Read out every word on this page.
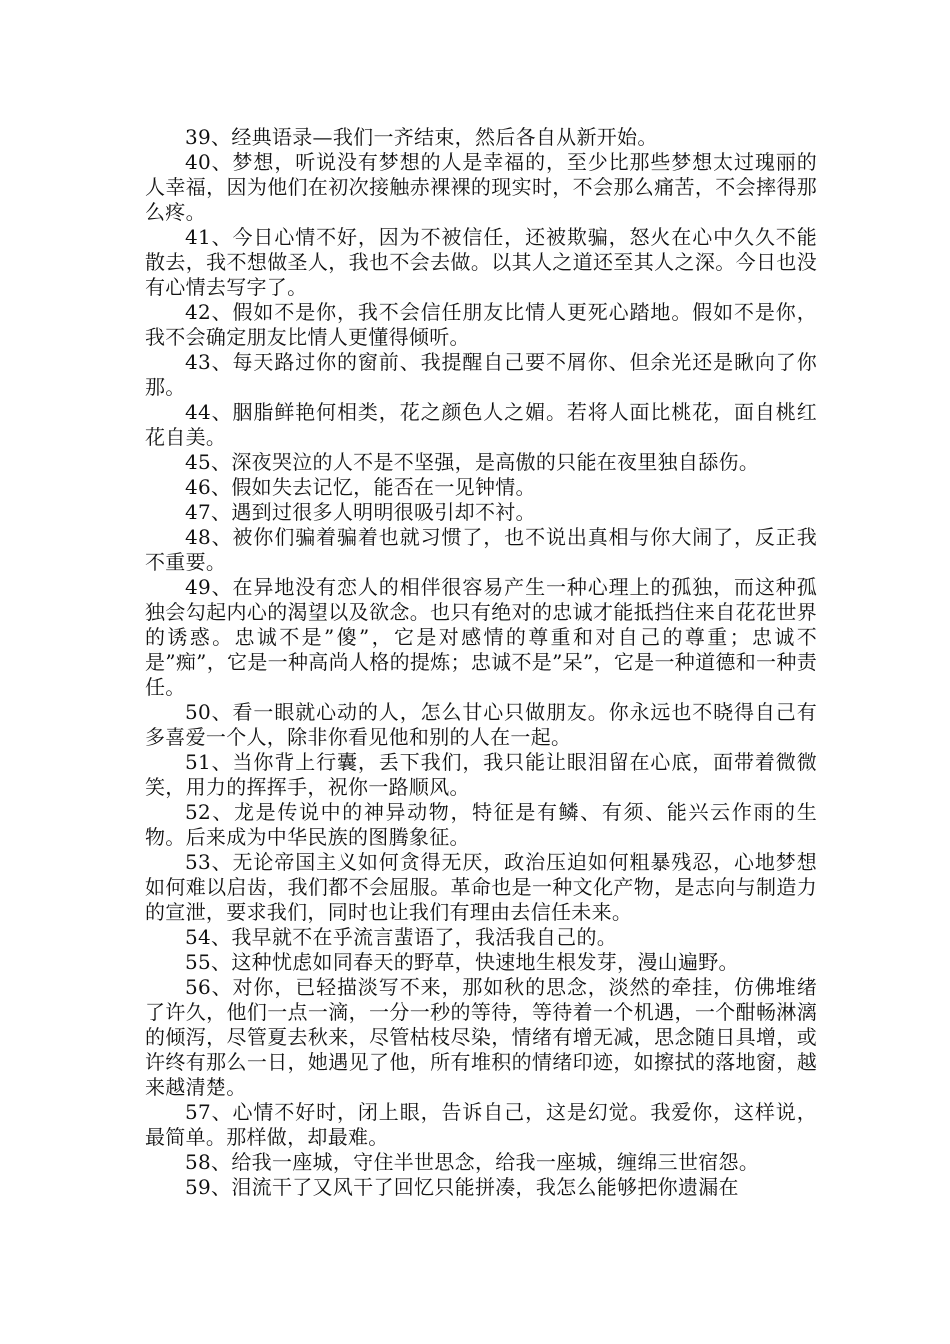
39、经典语录—我们一齐结束，然后各自从新开始。

40、梦想，听说没有梦想的人是幸福的，至少比那些梦想太过瑰丽的人幸福，因为他们在初次接触赤裸裸的现实时，不会那么痛苦，不会摔得那么疼。

41、今日心情不好，因为不被信任，还被欺骗，怒火在心中久久不能散去，我不想做圣人，我也不会去做。以其人之道还至其人之深。今日也没有心情去写字了。

42、假如不是你，我不会信任朋友比情人更死心踏地。假如不是你，我不会确定朋友比情人更懂得倾听。

43、每天路过你的窗前、我提醒自己要不屑你、但余光还是瞅向了你那。

44、胭脂鲜艳何相类，花之颜色人之媚。若将人面比桃花，面自桃红花自美。

45、深夜哭泣的人不是不坚强，是高傲的只能在夜里独自舔伤。

46、假如失去记忆，能否在一见钟情。

47、遇到过很多人明明很吸引却不衬。

48、被你们骗着骗着也就习惯了，也不说出真相与你大闹了，反正我不重要。

49、在异地没有恋人的相伴很容易产生一种心理上的孤独，而这种孤独会勾起内心的渴望以及欲念。也只有绝对的忠诚才能抵挡住来自花花世界的诱惑。忠诚不是”傻”，它是对感情的尊重和对自己的尊重；忠诚不是”痴”，它是一种高尚人格的提炼；忠诚不是”呆”，它是一种道德和一种责任。

50、看一眼就心动的人，怎么甘心只做朋友。你永远也不晓得自己有多喜爱一个人，除非你看见他和别的人在一起。

51、当你背上行囊，丢下我们，我只能让眼泪留在心底，面带着微微笑，用力的挥挥手，祝你一路顺风。

52、龙是传说中的神异动物，特征是有鳞、有须、能兴云作雨的生物。后来成为中华民族的图腾象征。

53、无论帝国主义如何贪得无厌，政治压迫如何粗暴残忍，心地梦想如何难以启齿，我们都不会屈服。革命也是一种文化产物，是志向与制造力的宣泄，要求我们，同时也让我们有理由去信任未来。

54、我早就不在乎流言蜚语了，我活我自己的。

55、这种忧虑如同春天的野草，快速地生根发芽，漫山遍野。

56、对你，已轻描淡写不来，那如秋的思念，淡然的牵挂，仿佛堆绪了许久，他们一点一滴，一分一秒的等待，等待着一个机遇，一个酣畅淋漓的倾泻，尽管夏去秋来，尽管枯枝尽染，情绪有增无减，思念随日具增，或许终有那么一日，她遇见了他，所有堆积的情绪印迹，如擦拭的落地窗，越来越清楚。

57、心情不好时，闭上眼，告诉自己，这是幻觉。我爱你，这样说，最简单。那样做，却最难。

58、给我一座城，守住半世思念，给我一座城，缠绵三世宿怨。

59、泪流干了又风干了回忆只能拼凑，我怎么能够把你遗漏在
